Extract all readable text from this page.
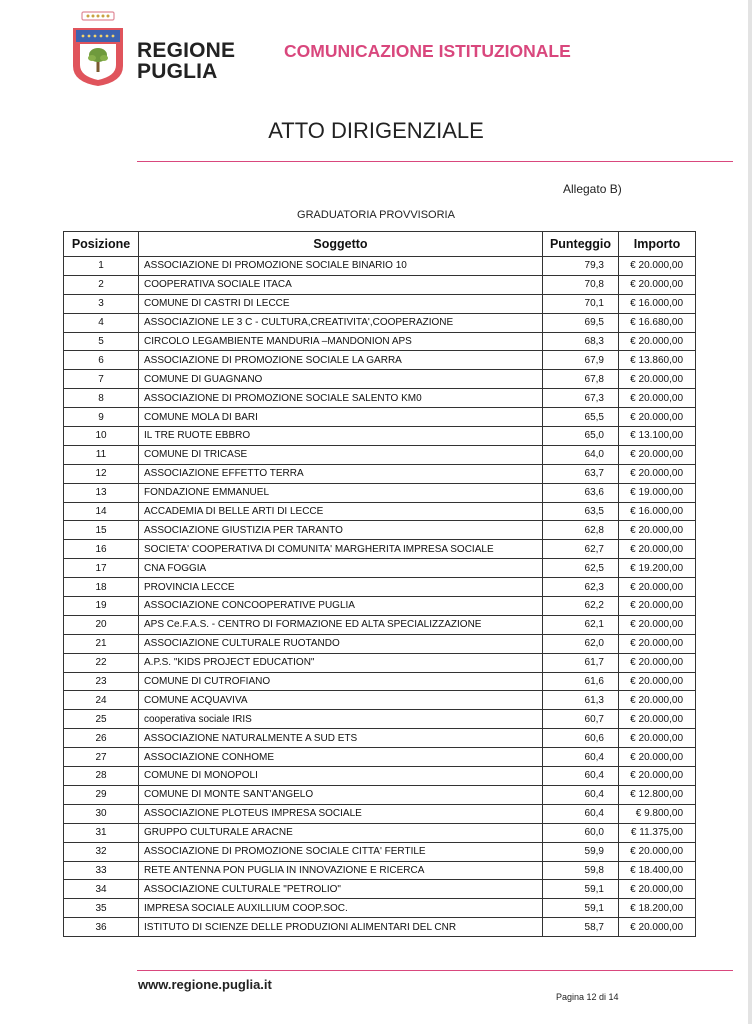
REGIONE
PUGLIA
COMUNICAZIONE ISTITUZIONALE
ATTO DIRIGENZIALE
Allegato B)
GRADUATORIA PROVVISORIA
Posizione	Soggetto	Punteggio	Importo
1	ASSOCIAZIONE DI PROMOZIONE SOCIALE BINARIO 10	79,3	€ 20.000,00
2	COOPERATIVA SOCIALE ITACA	70,8	€ 20.000,00
3	COMUNE DI CASTRI DI LECCE	70,1	€ 16.000,00
4	ASSOCIAZIONE LE 3 C - CULTURA,CREATIVITA',COOPERAZIONE	69,5	€ 16.680,00
5	CIRCOLO LEGAMBIENTE MANDURIA –MANDONION APS	68,3	€ 20.000,00
6	ASSOCIAZIONE DI PROMOZIONE SOCIALE LA GARRA	67,9	€ 13.860,00
7	COMUNE DI GUAGNANO	67,8	€ 20.000,00
8	ASSOCIAZIONE DI PROMOZIONE SOCIALE SALENTO KM0	67,3	€ 20.000,00
9	COMUNE MOLA DI BARI	65,5	€ 20.000,00
10	IL TRE RUOTE EBBRO	65,0	€ 13.100,00
11	COMUNE DI TRICASE	64,0	€ 20.000,00
12	ASSOCIAZIONE EFFETTO TERRA	63,7	€ 20.000,00
13	FONDAZIONE EMMANUEL	63,6	€ 19.000,00
14	ACCADEMIA DI BELLE ARTI DI LECCE	63,5	€ 16.000,00
15	ASSOCIAZIONE GIUSTIZIA PER TARANTO	62,8	€ 20.000,00
16	SOCIETA' COOPERATIVA DI COMUNITA' MARGHERITA IMPRESA SOCIALE	62,7	€ 20.000,00
17	CNA FOGGIA	62,5	€ 19.200,00
18	PROVINCIA LECCE	62,3	€ 20.000,00
19	ASSOCIAZIONE CONCOOPERATIVE PUGLIA	62,2	€ 20.000,00
20	APS Ce.F.A.S. - CENTRO DI FORMAZIONE ED ALTA SPECIALIZZAZIONE	62,1	€ 20.000,00
21	ASSOCIAZIONE CULTURALE RUOTANDO	62,0	€ 20.000,00
22	A.P.S. "KIDS PROJECT EDUCATION"	61,7	€ 20.000,00
23	COMUNE DI CUTROFIANO	61,6	€ 20.000,00
24	COMUNE ACQUAVIVA	61,3	€ 20.000,00
25	cooperativa sociale IRIS	60,7	€ 20.000,00
26	ASSOCIAZIONE NATURALMENTE A SUD ETS	60,6	€ 20.000,00
27	ASSOCIAZIONE CONHOME	60,4	€ 20.000,00
28	COMUNE DI MONOPOLI	60,4	€ 20.000,00
29	COMUNE DI MONTE SANT'ANGELO	60,4	€ 12.800,00
30	ASSOCIAZIONE PLOTEUS IMPRESA SOCIALE	60,4	€ 9.800,00
31	GRUPPO CULTURALE ARACNE	60,0	€ 11.375,00
32	ASSOCIAZIONE DI PROMOZIONE SOCIALE CITTA' FERTILE	59,9	€ 20.000,00
33	RETE ANTENNA PON PUGLIA IN INNOVAZIONE E RICERCA	59,8	€ 18.400,00
34	ASSOCIAZIONE CULTURALE "PETROLIO"	59,1	€ 20.000,00
35	IMPRESA SOCIALE AUXILLIUM COOP.SOC.	59,1	€ 18.200,00
36	ISTITUTO DI SCIENZE DELLE PRODUZIONI ALIMENTARI DEL CNR	58,7	€ 20.000,00
www.regione.puglia.it
Pagina 12 di 14
